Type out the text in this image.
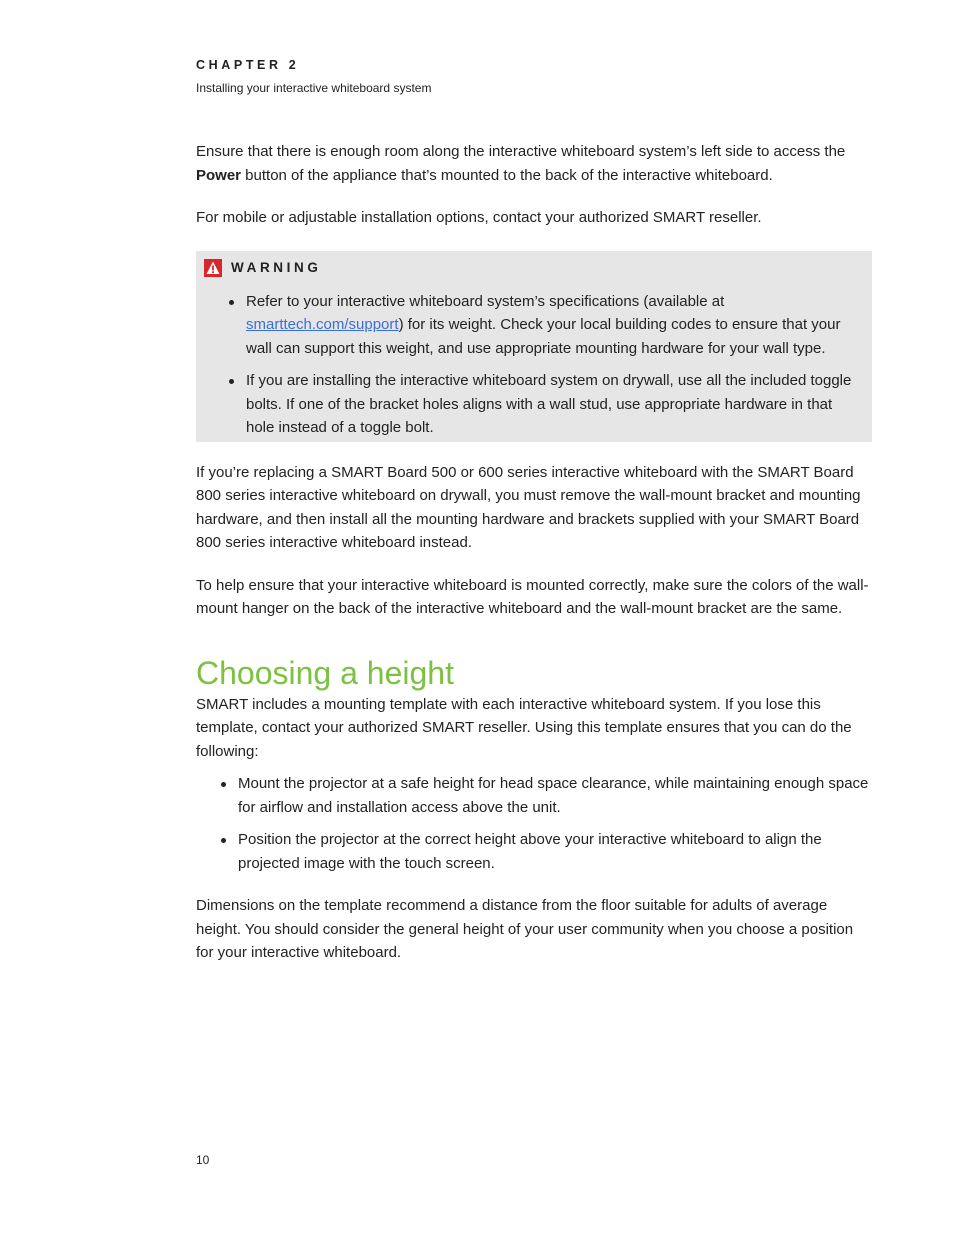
CHAPTER 2
Installing your interactive whiteboard system

Ensure that there is enough room along the interactive whiteboard system’s left side to access the Power button of the appliance that’s mounted to the back of the interactive whiteboard.

For mobile or adjustable installation options, contact your authorized SMART reseller.

WARNING
Refer to your interactive whiteboard system’s specifications (available at smarttech.com/support) for its weight. Check your local building codes to ensure that your wall can support this weight, and use appropriate mounting hardware for your wall type.
If you are installing the interactive whiteboard system on drywall, use all the included toggle bolts. If one of the bracket holes aligns with a wall stud, use appropriate hardware in that hole instead of a toggle bolt.

If you’re replacing a SMART Board 500 or 600 series interactive whiteboard with the SMART Board 800 series interactive whiteboard on drywall, you must remove the wall-mount bracket and mounting hardware, and then install all the mounting hardware and brackets supplied with your SMART Board 800 series interactive whiteboard instead.

To help ensure that your interactive whiteboard is mounted correctly, make sure the colors of the wall-mount hanger on the back of the interactive whiteboard and the wall-mount bracket are the same.

Choosing a height

SMART includes a mounting template with each interactive whiteboard system. If you lose this template, contact your authorized SMART reseller. Using this template ensures that you can do the following:

Mount the projector at a safe height for head space clearance, while maintaining enough space for airflow and installation access above the unit.
Position the projector at the correct height above your interactive whiteboard to align the projected image with the touch screen.

Dimensions on the template recommend a distance from the floor suitable for adults of average height. You should consider the general height of your user community when you choose a position for your interactive whiteboard.

10
